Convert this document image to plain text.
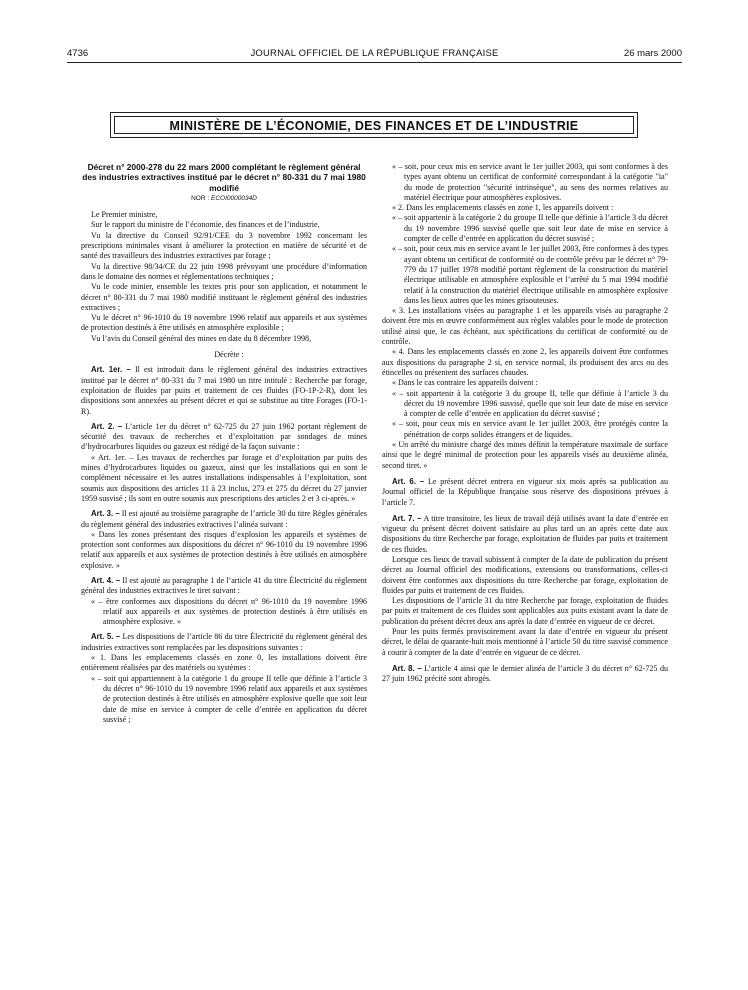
4736	JOURNAL OFFICIEL DE LA RÉPUBLIQUE FRANÇAISE	26 mars 2000
MINISTÈRE DE L’ÉCONOMIE, DES FINANCES ET DE L’INDUSTRIE
Décret n° 2000-278 du 22 mars 2000 complétant le règlement général des industries extractives institué par le décret n° 80-331 du 7 mai 1980 modifié
NOR : ECOI0000034D

Le Premier ministre,

Sur le rapport du ministre de l’économie, des finances et de l’industrie,

Vu la directive du Conseil 92/91/CEE du 3 novembre 1992 concernant les prescriptions minimales visant à améliorer la protection en matière de sécurité et de santé des travailleurs des industries extractives par forage ;

Vu la directive 98/34/CE du 22 juin 1998 prévoyant une procédure d’information dans le domaine des normes et réglementations techniques ;

Vu le code minier, ensemble les textes pris pour son application, et notamment le décret n° 80-331 du 7 mai 1980 modifié instituant le règlement général des industries extractives ;

Vu le décret n° 96-1010 du 19 novembre 1996 relatif aux appareils et aux systèmes de protection destinés à être utilisés en atmosphère explosible ;

Vu l’avis du Conseil général des mines en date du 8 décembre 1998,

Décrète :

Art. 1er. – Il est introduit dans le règlement général des industries extractives institué par le décret n° 80-331 du 7 mai 1980 un titre intitulé : Recherche par forage, exploitation de fluides par puits et traitement de ces fluides (FO-1P-2-R), dont les dispositions sont annexées au présent décret et qui se substitue au titre Forages (FO-1-R).

Art. 2. – L’article 1er du décret n° 62-725 du 27 juin 1962 portant règlement de sécurité des travaux de recherches et d’exploitation par sondages de mines d’hydrocarbures liquides ou gazeux est rédigé de la façon suivante :

« Art. 1er. – Les travaux de recherches par forage et d’exploitation par puits des mines d’hydrocarbures liquides ou gazeux, ainsi que les installations qui en sont le complément nécessaire et les autres installations indispensables à l’exploitation, sont soumis aux dispositions des articles 11 à 23 inclus, 273 et 275 du décret du 27 janvier 1959 susvisé ; ils sont en outre soumis aux prescriptions des articles 2 et 3 ci-après. »

Art. 3. – Il est ajouté au troisième paragraphe de l’article 30 du titre Règles générales du règlement général des industries extractives l’alinéa suivant :

« Dans les zones présentant des risques d’explosion les appareils et systèmes de protection sont conformes aux dispositions du décret n° 96-1010 du 19 novembre 1996 relatif aux appareils et aux systèmes de protection destinés à être utilisés en atmosphère explosive. »

Art. 4. – Il est ajouté au paragraphe 1 de l’article 41 du titre Électricité du règlement général des industries extractives le tiret suivant :

« – être conformes aux dispositions du décret n° 96-1010 du 19 novembre 1996 relatif aux appareils et aux systèmes de protection destinés à être utilisés en atmosphère explosive. »

Art. 5. – Les dispositions de l’article 86 du titre Électricité du règlement général des industries extractives sont remplacées par les dispositions suivantes :

« 1. Dans les emplacements classés en zone 0, les installations doivent être entièrement réalisées par des matériels ou systèmes :

« – soit qui appartiennent à la catégorie 1 du groupe II telle que définie à l’article 3 du décret n° 96-1010 du 19 novembre 1996 relatif aux appareils et aux systèmes de protection destinés à être utilisés en atmosphère explosive quelle que soit leur date de mise en service à compter de celle d’entrée en application du décret susvisé ;

« – soit, pour ceux mis en service avant le 1er juillet 2003, qui sont conformes à des types ayant obtenu un certificat de conformité correspondant à la catégorie "ia" du mode de protection "sécurité intrinsèque", au sens des normes relatives au matériel électrique pour atmosphères explosives.

« 2. Dans les emplacements classés en zone 1, les appareils doivent :

« – soit appartenir à la catégorie 2 du groupe II telle que définie à l’article 3 du décret du 19 novembre 1996 susvisé quelle que soit leur date de mise en service à compter de celle d’entrée en application du décret susvisé ;

« – soit, pour ceux mis en service avant le 1er juillet 2003, être conformes à des types ayant obtenu un certificat de conformité ou de contrôle prévu par le décret n° 79-779 du 17 juillet 1978 modifié portant règlement de la construction du matériel électrique utilisable en atmosphère explosible et l’arrêté du 5 mai 1994 modifié relatif à la construction du matériel électrique utilisable en atmosphère explosive dans les lieux autres que les mines grisouteuses.

« 3. Les installations visées au paragraphe 1 et les appareils visés au paragraphe 2 doivent être mis en œuvre conformément aux règles valables pour le mode de protection utilisé ainsi que, le cas échéant, aux spécifications du certificat de conformité ou de contrôle.

« 4. Dans les emplacements classés en zone 2, les appareils doivent être conformes aux dispositions du paragraphe 2 si, en service normal, ils produisent des arcs ou des étincelles ou présentent des surfaces chaudes.

« Dans le cas contraire les appareils doivent :

« – soit appartenir à la catégorie 3 du groupe II, telle que définie à l’article 3 du décret du 19 novembre 1996 susvisé, quelle que soit leur date de mise en service à compter de celle d’entrée en application du décret susvisé ;

« – soit, pour ceux mis en service avant le 1er juillet 2003, être protégés contre la pénétration de corps solides étrangers et de liquides.

« Un arrêté du ministre chargé des mines définit la température maximale de surface ainsi que le degré minimal de protection pour les appareils visés au deuxième alinéa, second tiret. »

Art. 6. – Le présent décret entrera en vigueur six mois après sa publication au Journal officiel de la République française sous réserve des dispositions prévues à l’article 7.

Art. 7. – A titre transitoire, les lieux de travail déjà utilisés avant la date d’entrée en vigueur du présent décret doivent satisfaire au plus tard un an après cette date aux dispositions du titre Recherche par forage, exploitation de fluides par puits et traitement de ces fluides.

Lorsque ces lieux de travail subissent à compter de la date de publication du présent décret au Journal officiel des modifications, extensions ou transformations, celles-ci doivent être conformes aux dispositions du titre Recherche par forage, exploitation de fluides par puits et traitement de ces fluides.

Les dispositions de l’article 31 du titre Recherche par forage, exploitation de fluides par puits et traitement de ces fluides sont applicables aux puits existant avant la date de publication du présent décret deux ans après la date d’entrée en vigueur de ce décret.

Pour les puits fermés provisoirement avant la date d’entrée en vigueur du présent décret, le délai de quarante-huit mois mentionné à l’article 50 du titre susvisé commence à courir à compter de la date d’entrée en vigueur de ce décret.

Art. 8. – L’article 4 ainsi que le dernier alinéa de l’article 3 du décret n° 62-725 du 27 juin 1962 précité sont abrogés.
